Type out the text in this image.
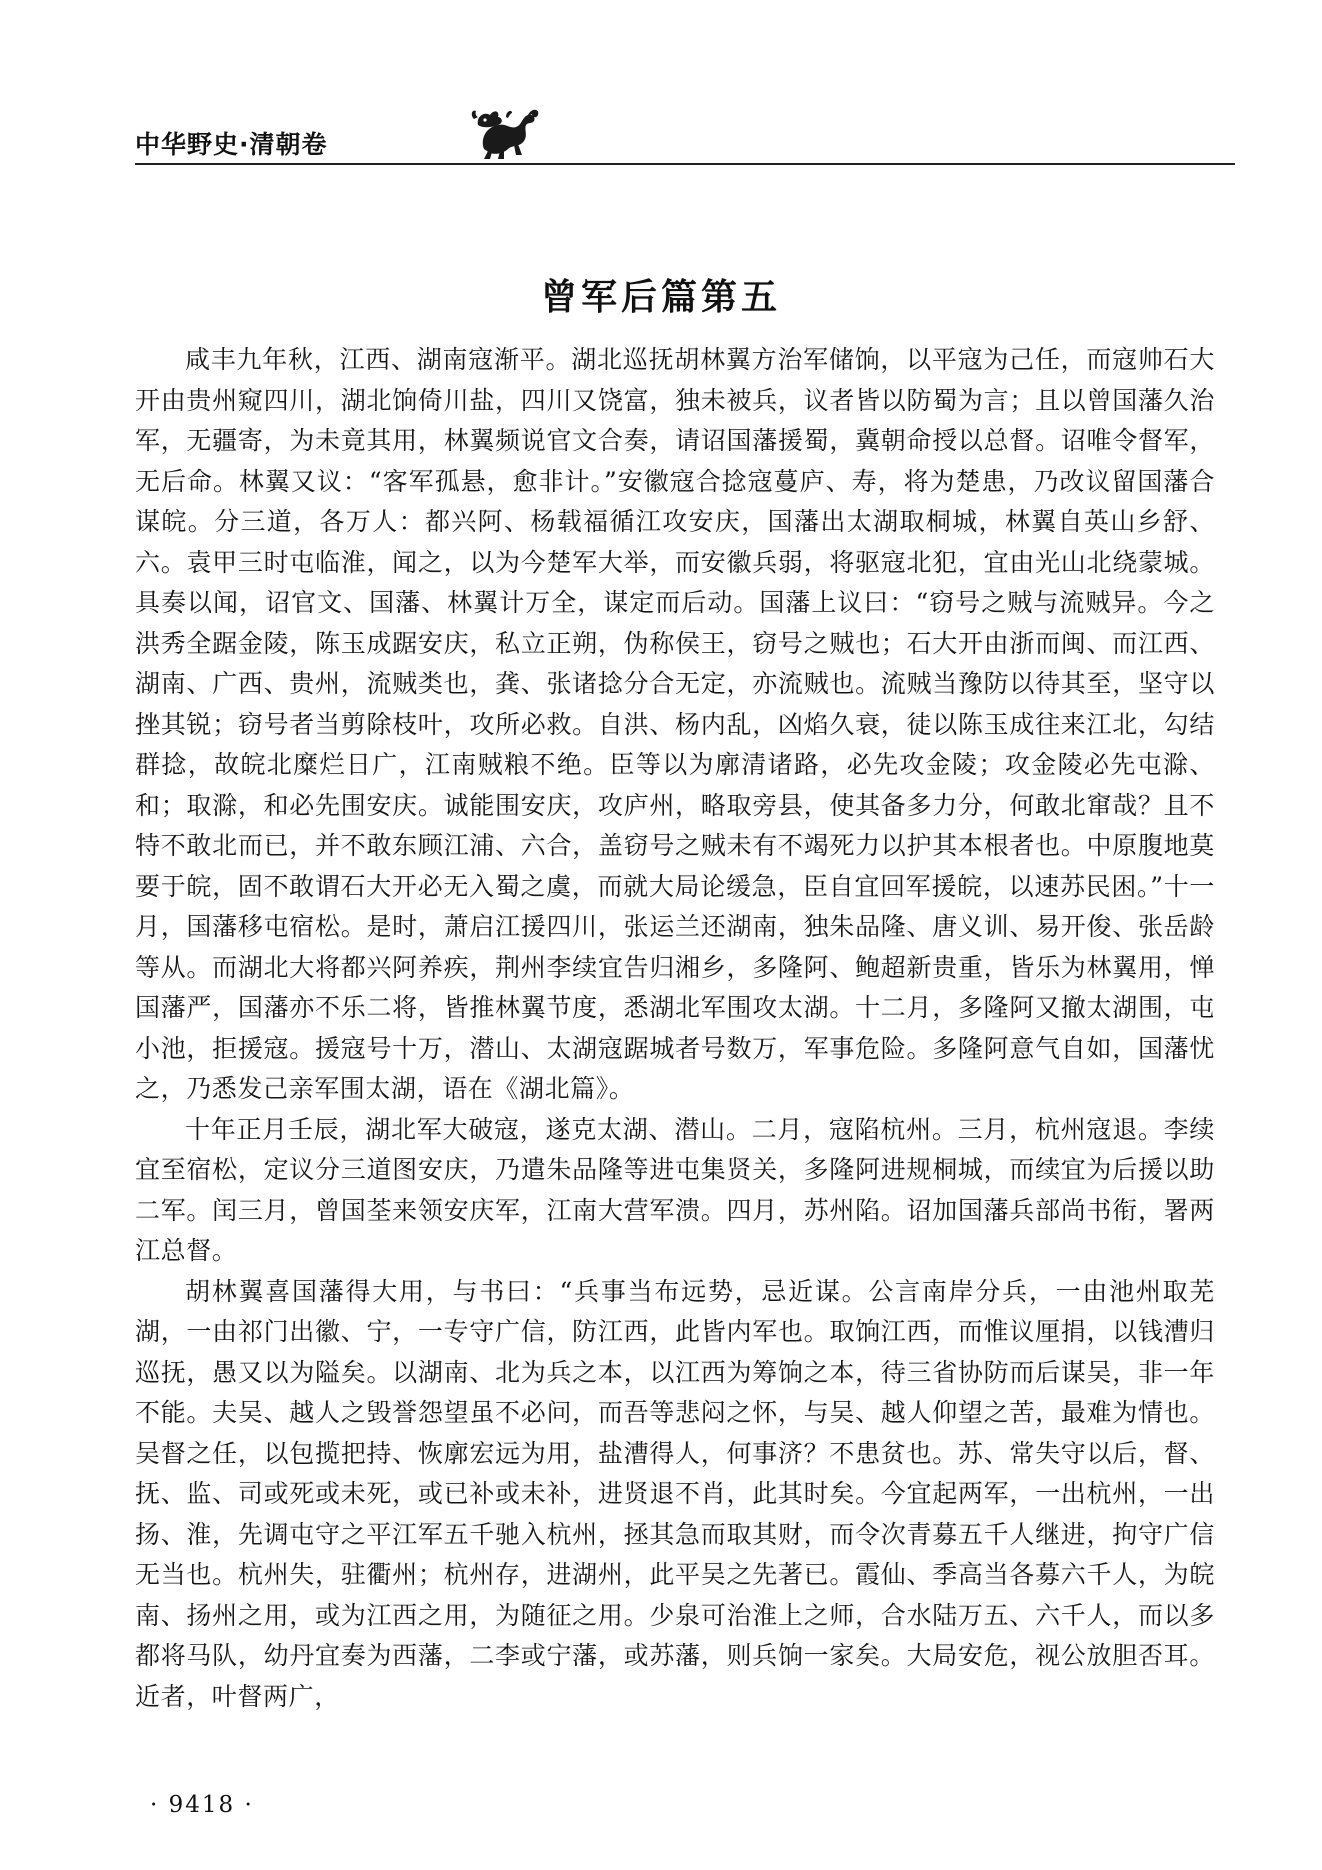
中华野史·清朝卷
曾军后篇第五

咸丰九年秋，江西、湖南寇渐平。湖北巡抚胡林翼方治军储饷，以平寇为己任，而寇帅石大开由贵州窥四川，湖北饷倚川盐，四川又饶富，独未被兵，议者皆以防蜀为言；且以曾国藩久治军，无疆寄，为未竟其用，林翼频说官文合奏，请诏国藩援蜀，冀朝命授以总督。诏唯令督军，无后命。林翼又议：“客军孤悬，愈非计。”安徽寇合捻寇蔓庐、寿，将为楚患，乃改议留国藩合谋皖。分三道，各万人：都兴阿、杨载福循江攻安庆，国藩出太湖取桐城，林翼自英山乡舒、六。袁甲三时屯临淮，闻之，以为今楚军大举，而安徽兵弱，将驱寇北犯，宜由光山北绕蒙城。具奏以闻，诏官文、国藩、林翼计万全，谋定而后动。国藩上议曰：“窃号之贼与流贼异。今之洪秀全踞金陵，陈玉成踞安庆，私立正朔，伪称侯王，窃号之贼也；石大开由浙而闽、而江西、湖南、广西、贵州，流贼类也，龚、张诸捻分合无定，亦流贼也。流贼当豫防以待其至，坚守以挫其锐；窃号者当剪除枝叶，攻所必救。自洪、杨内乱，凶焰久衰，徒以陈玉成往来江北，勾结群捻，故皖北糜烂日广，江南贼粮不绝。臣等以为廓清诸路，必先攻金陵；攻金陵必先屯滁、和；取滁，和必先围安庆。诚能围安庆，攻庐州，略取旁县，使其备多力分，何敢北窜哉？且不特不敢北而已，并不敢东顾江浦、六合，盖窃号之贼未有不竭死力以护其本根者也。中原腹地莫要于皖，固不敢谓石大开必无入蜀之虞，而就大局论缓急，臣自宜回军援皖，以速苏民困。”十一月，国藩移屯宿松。是时，萧启江援四川，张运兰还湖南，独朱品隆、唐义训、易开俊、张岳龄等从。而湖北大将都兴阿养疾，荆州李续宜告归湘乡，多隆阿、鲍超新贵重，皆乐为林翼用，惮国藩严，国藩亦不乐二将，皆推林翼节度，悉湖北军围攻太湖。十二月，多隆阿又撤太湖围，屯小池，拒援寇。援寇号十万，潜山、太湖寇踞城者号数万，军事危险。多隆阿意气自如，国藩忧之，乃悉发己亲军围太湖，语在《湖北篇》。

十年正月壬辰，湖北军大破寇，遂克太湖、潜山。二月，寇陷杭州。三月，杭州寇退。李续宜至宿松，定议分三道图安庆，乃遣朱品隆等进屯集贤关，多隆阿进规桐城，而续宜为后援以助二军。闰三月，曾国荃来领安庆军，江南大营军溃。四月，苏州陷。诏加国藩兵部尚书衔，署两江总督。

胡林翼喜国藩得大用，与书曰：“兵事当布远势，忌近谋。公言南岸分兵，一由池州取芜湖，一由祁门出徽、宁，一专守广信，防江西，此皆内军也。取饷江西，而惟议厘捐，以钱漕归巡抚，愚又以为隘矣。以湖南、北为兵之本，以江西为筹饷之本，待三省协防而后谋吴，非一年不能。夫吴、越人之毁誉怨望虽不必问，而吾等悲闷之怀，与吴、越人仰望之苦，最难为情也。吴督之任，以包揽把持、恢廓宏远为用，盐漕得人，何事济？不患贫也。苏、常失守以后，督、抚、监、司或死或未死，或已补或未补，进贤退不肖，此其时矣。今宜起两军，一出杭州，一出扬、淮，先调屯守之平江军五千驰入杭州，拯其急而取其财，而令次青募五千人继进，拘守广信无当也。杭州失，驻衢州；杭州存，进湖州，此平吴之先著已。霞仙、季高当各募六千人，为皖南、扬州之用，或为江西之用，为随征之用。少泉可治淮上之师，合水陆万五、六千人，而以多都将马队，幼丹宜奏为西藩，二李或宁藩，或苏藩，则兵饷一家矣。大局安危，视公放胆否耳。近者，叶督两广，

· 9418 ·
